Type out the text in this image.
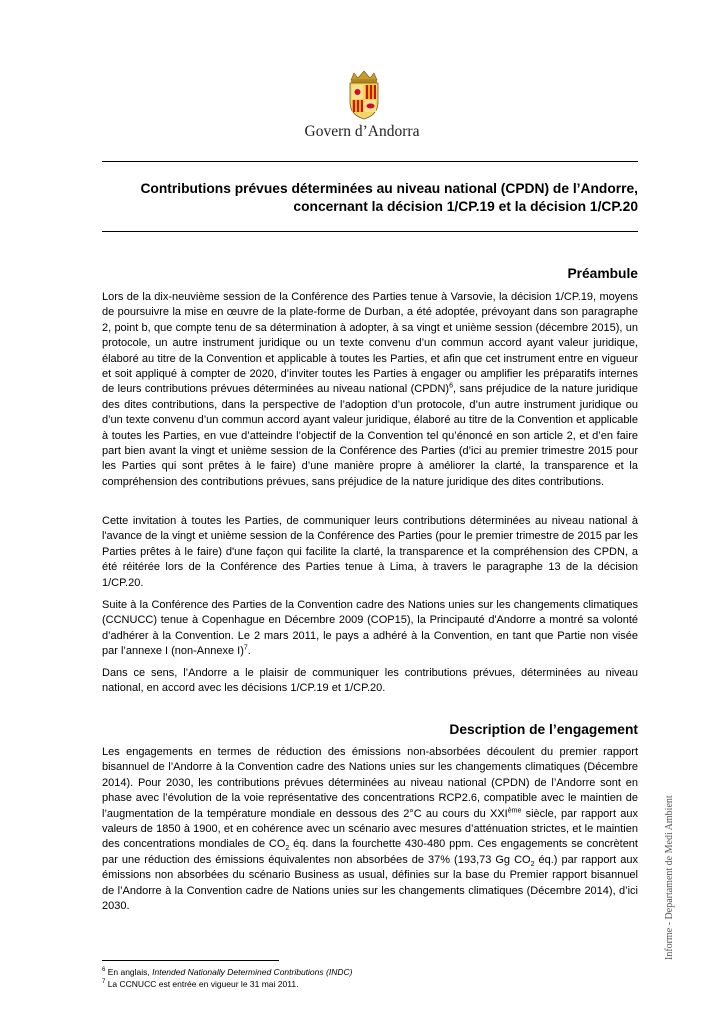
Govern d’Andorra
Contributions prévues déterminées au niveau national (CPDN) de l’Andorre,
concernant la décision 1/CP.19 et la décision 1/CP.20
Préambule

Lors de la dix-neuvième session de la Conférence des Parties tenue à Varsovie, la décision 1/CP.19, moyens de poursuivre la mise en œuvre de la plate-forme de Durban, a été adoptée, prévoyant dans son paragraphe 2, point b, que compte tenu de sa détermination à adopter, à sa vingt et unième session (décembre 2015), un protocole, un autre instrument juridique ou un texte convenu d’un commun accord ayant valeur juridique, élaboré au titre de la Convention et applicable à toutes les Parties, et afin que cet instrument entre en vigueur et soit appliqué à compter de 2020, d’inviter toutes les Parties à engager ou amplifier les préparatifs internes de leurs contributions prévues déterminées au niveau national (CPDN)$^6$, sans préjudice de la nature juridique des dites contributions, dans la perspective de l’adoption d’un protocole, d’un autre instrument juridique ou d’un texte convenu d’un commun accord ayant valeur juridique, élaboré au titre de la Convention et applicable à toutes les Parties, en vue d’atteindre l’objectif de la Convention tel qu’énoncé en son article 2, et d’en faire part bien avant la vingt et unième session de la Conférence des Parties (d’ici au premier trimestre 2015 pour les Parties qui sont prêtes à le faire) d’une manière propre à améliorer la clarté, la transparence et la compréhension des contributions prévues, sans préjudice de la nature juridique des dites contributions.

Cette invitation à toutes les Parties, de communiquer leurs contributions déterminées au niveau national à l'avance de la vingt et unième session de la Conférence des Parties (pour le premier trimestre de 2015 par les Parties prêtes à le faire) d'une façon qui facilite la clarté, la transparence et la compréhension des CPDN, a été réitérée lors de la Conférence des Parties tenue à Lima, à travers le paragraphe 13 de la décision 1/CP.20.

Suite à la Conférence des Parties de la Convention cadre des Nations unies sur les changements climatiques (CCNUCC) tenue à Copenhague en Décembre 2009 (COP15), la Principauté d'Andorre a montré sa volonté d’adhérer à la Convention. Le 2 mars 2011, le pays a adhéré à la Convention, en tant que Partie non visée par l’annexe I (non-Annexe I)$^7$.

Dans ce sens, l’Andorre a le plaisir de communiquer les contributions prévues, déterminées au niveau national, en accord avec les décisions 1/CP.19 et 1/CP.20.

Description de l’engagement

Les engagements en termes de réduction des émissions non-absorbées découlent du premier rapport bisannuel de l’Andorre à la Convention cadre des Nations unies sur les changements climatiques (Décembre 2014). Pour 2030, les contributions prévues déterminées au niveau national (CPDN) de l’Andorre sont en phase avec l’évolution de la voie représentative des concentrations RCP2.6, compatible avec le maintien de l’augmentation de la température mondiale en dessous des 2°C au cours du XXIème siècle, par rapport aux valeurs de 1850 à 1900, et en cohérence avec un scénario avec mesures d’atténuation strictes, et le maintien des concentrations mondiales de $CO_2$ éq. dans la fourchette 430-480 ppm. Ces engagements se concrètent par une réduction des émissions équivalentes non absorbées de 37% (193,73 Gg $CO_2$ éq.) par rapport aux émissions non absorbées du scénario Business as usual, définies sur la base du Premier rapport bisannuel de l’Andorre à la Convention cadre de Nations unies sur les changements climatiques (Décembre 2014), d’ici 2030.

$^6$ En anglais, Intended Nationally Determined Contributions (INDC)
$^7$ La CCNUCC est entrée en vigueur le 31 mai 2011.
Informe - Departament de Medi Ambient
